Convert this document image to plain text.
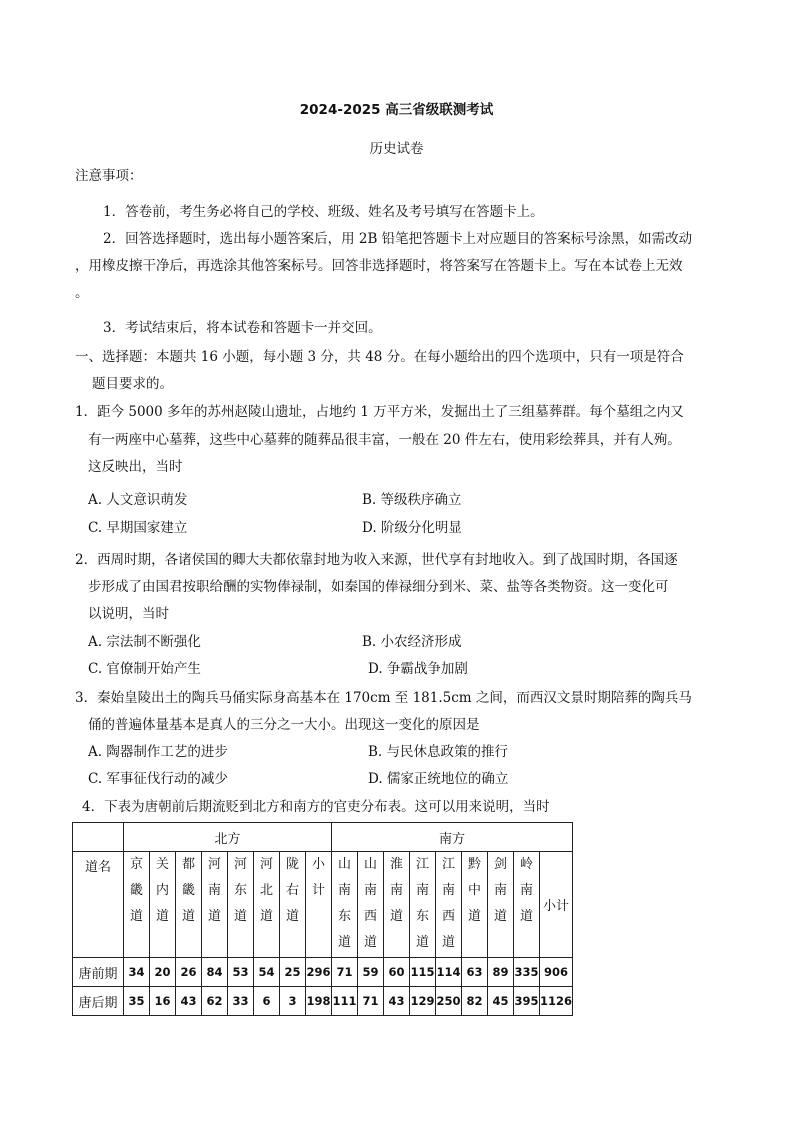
2024-2025 高三省级联测考试
历史试卷
注意事项：
1．答卷前，考生务必将自己的学校、班级、姓名及考号填写在答题卡上。
2．回答选择题时，选出每小题答案后，用 2B 铅笔把答题卡上对应题目的答案标号涂黑，如需改动
，用橡皮擦干净后，再选涂其他答案标号。回答非选择题时，将答案写在答题卡上。写在本试卷上无效
。
3．考试结束后，将本试卷和答题卡一并交回。
一、选择题：本题共 16 小题，每小题 3 分，共 48 分。在每小题给出的四个选项中，只有一项是符合
题目要求的。
1．距今 5000 多年的苏州赵陵山遗址，占地约 1 万平方米，发掘出土了三组墓葬群。每个墓组之内又
有一两座中心墓葬，这些中心墓葬的随葬品很丰富，一般在 20 件左右，使用彩绘葬具，并有人殉。
这反映出，当时
A. 人文意识萌发	B. 等级秩序确立
C. 早期国家建立	D. 阶级分化明显
2．西周时期，各诸侯国的卿大夫都依靠封地为收入来源，世代享有封地收入。到了战国时期，各国逐
步形成了由国君按职给酬的实物俸禄制，如秦国的俸禄细分到米、菜、盐等各类物资。这一变化可
以说明，当时
A. 宗法制不断强化	B. 小农经济形成
C. 官僚制开始产生	D. 争霸战争加剧
3．秦始皇陵出土的陶兵马俑实际身高基本在 170cm 至 181.5cm 之间，而西汉文景时期陪葬的陶兵马
俑的普遍体量基本是真人的三分之一大小。出现这一变化的原因是
A. 陶器制作工艺的进步	B. 与民休息政策的推行
C. 军事征伐行动的减少	D. 儒家正统地位的确立
4．下表为唐朝前后期流贬到北方和南方的官吏分布表。这可以用来说明，当时
	北方								南方								
道名	京
畿
道	关
内
道	都
畿
道	河
南
道	河
东
道	河
北
道	陇
右
道	小
计	山
南
东
道	山
南
西
道	淮
南
道	江
南
东
道	江
南
西
道	黔
中
道	剑
南
道	岭
南
道	小计
唐前期	34	20	26	84	53	54	25	296	71	59	60	115	114	63	89	335	906
唐后期	35	16	43	62	33	6	3	198	111	71	43	129	250	82	45	395	1126
